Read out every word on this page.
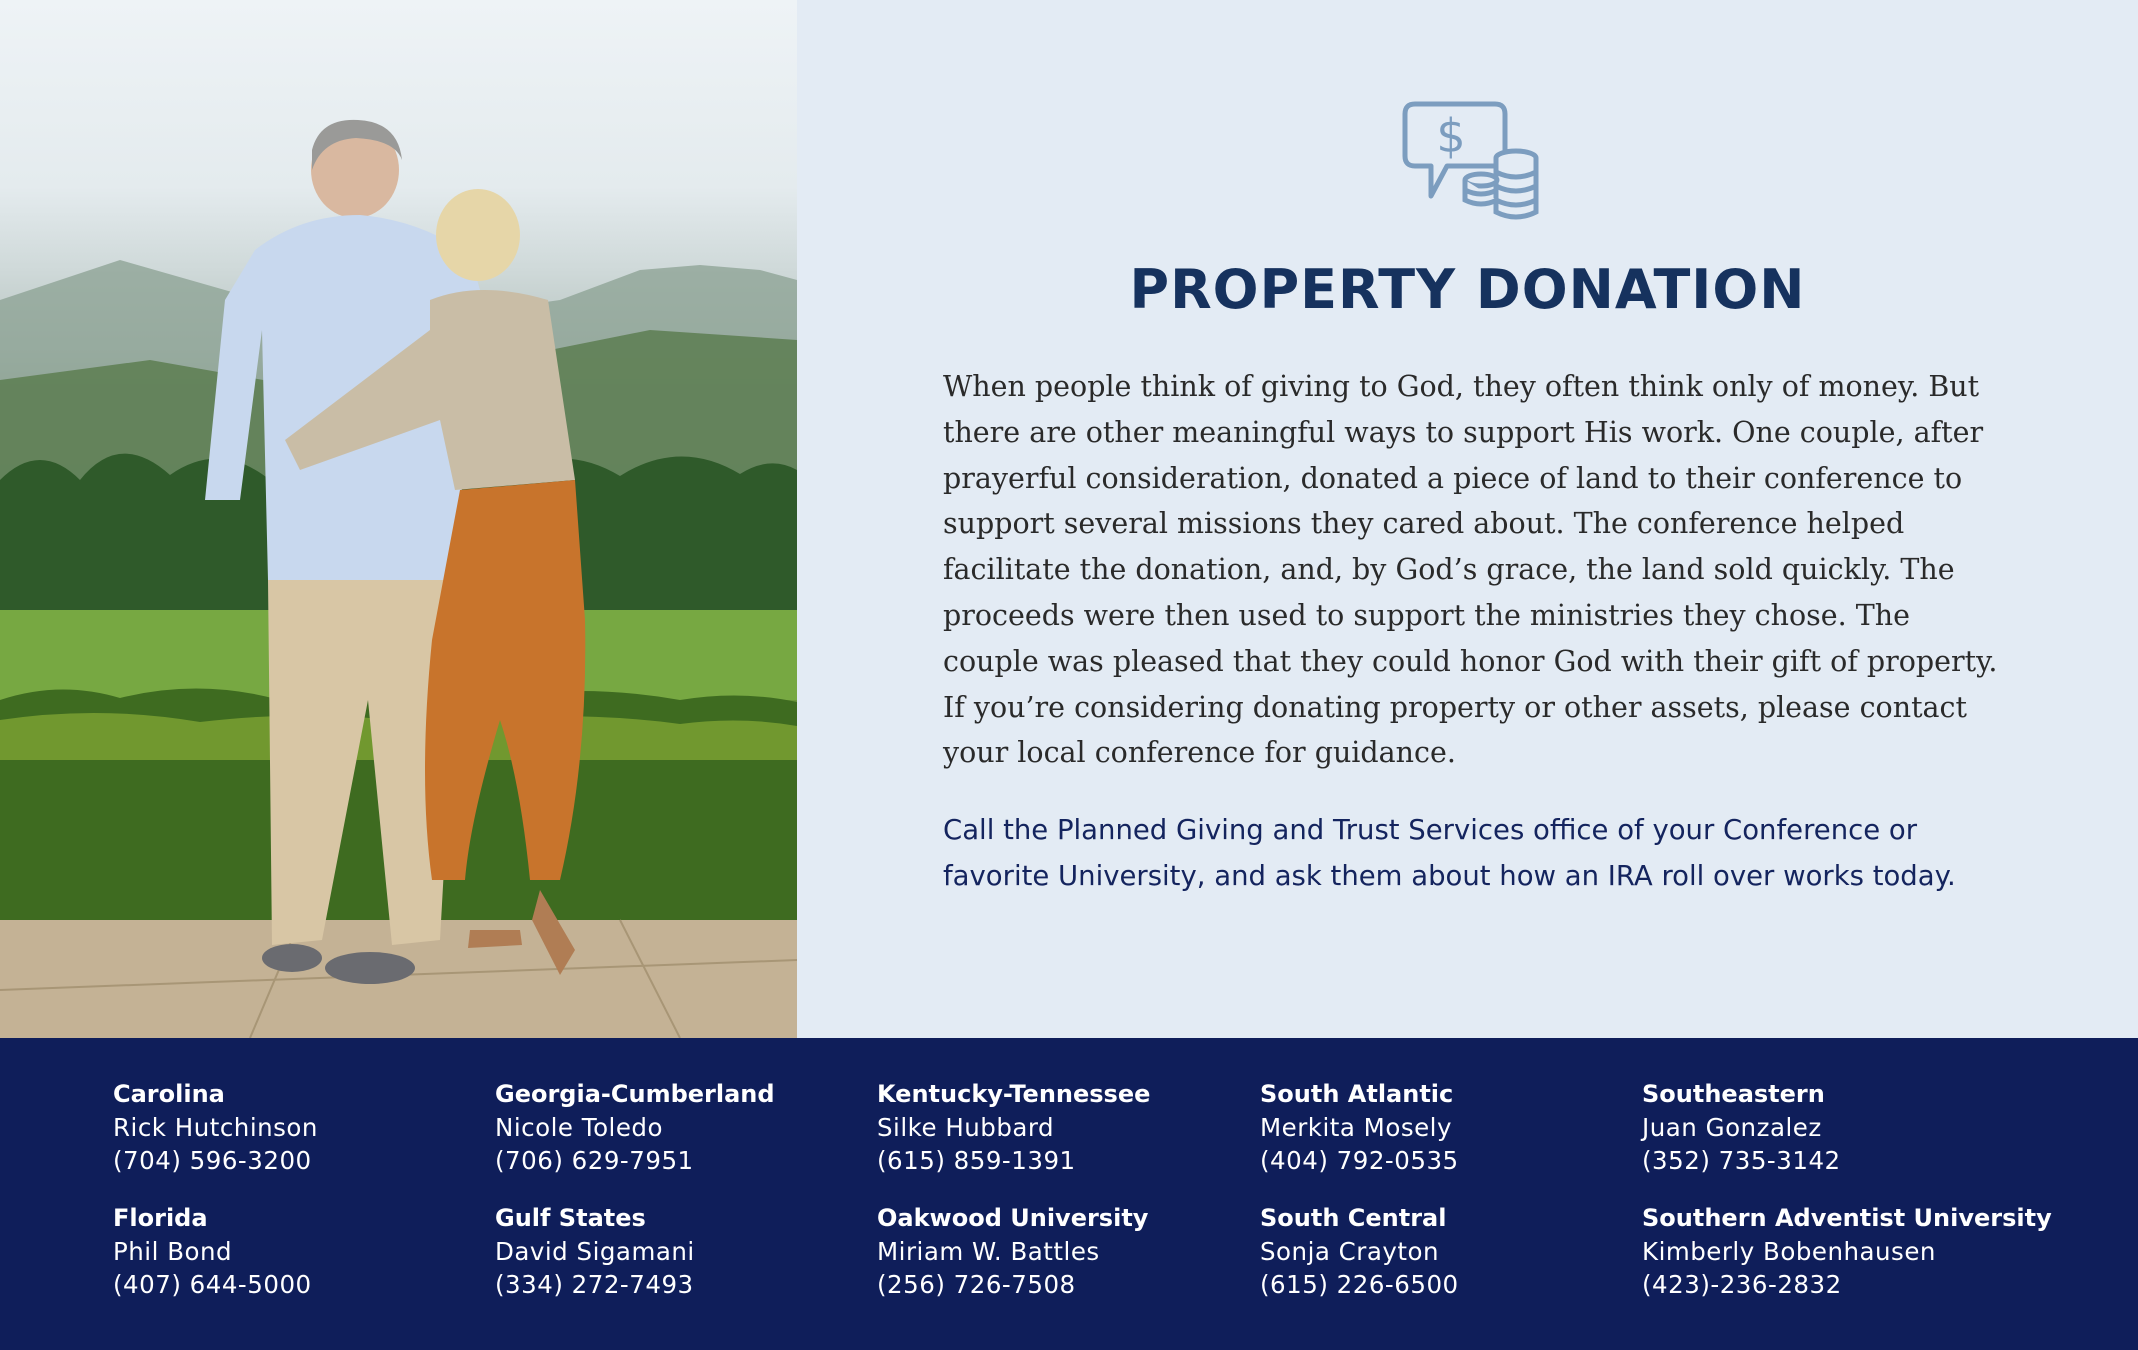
$
PROPERTY DONATION

When people think of giving to God, they often think only of money. But there are other meaningful ways to support His work. One couple, after prayerful consideration, donated a piece of land to their conference to support several missions they cared about. The conference helped facilitate the donation, and, by God’s grace, the land sold quickly. The proceeds were then used to support the ministries they chose. The couple was pleased that they could honor God with their gift of property. If you’re considering donating property or other assets, please contact your local conference for guidance.

Call the Planned Giving and Trust Services office of your Conference or favorite University, and ask them about how an IRA roll over works today.

Carolina
Rick Hutchinson
(704) 596-3200
Georgia-Cumberland
Nicole Toledo
(706) 629-7951
Kentucky-Tennessee
Silke Hubbard
(615) 859-1391
South Atlantic
Merkita Mosely
(404) 792-0535
Southeastern
Juan Gonzalez
(352) 735-3142
Florida
Phil Bond
(407) 644-5000
Gulf States
David Sigamani
(334) 272-7493
Oakwood University
Miriam W. Battles
(256) 726-7508
South Central
Sonja Crayton
(615) 226-6500
Southern Adventist University
Kimberly Bobenhausen
(423)-236-2832
